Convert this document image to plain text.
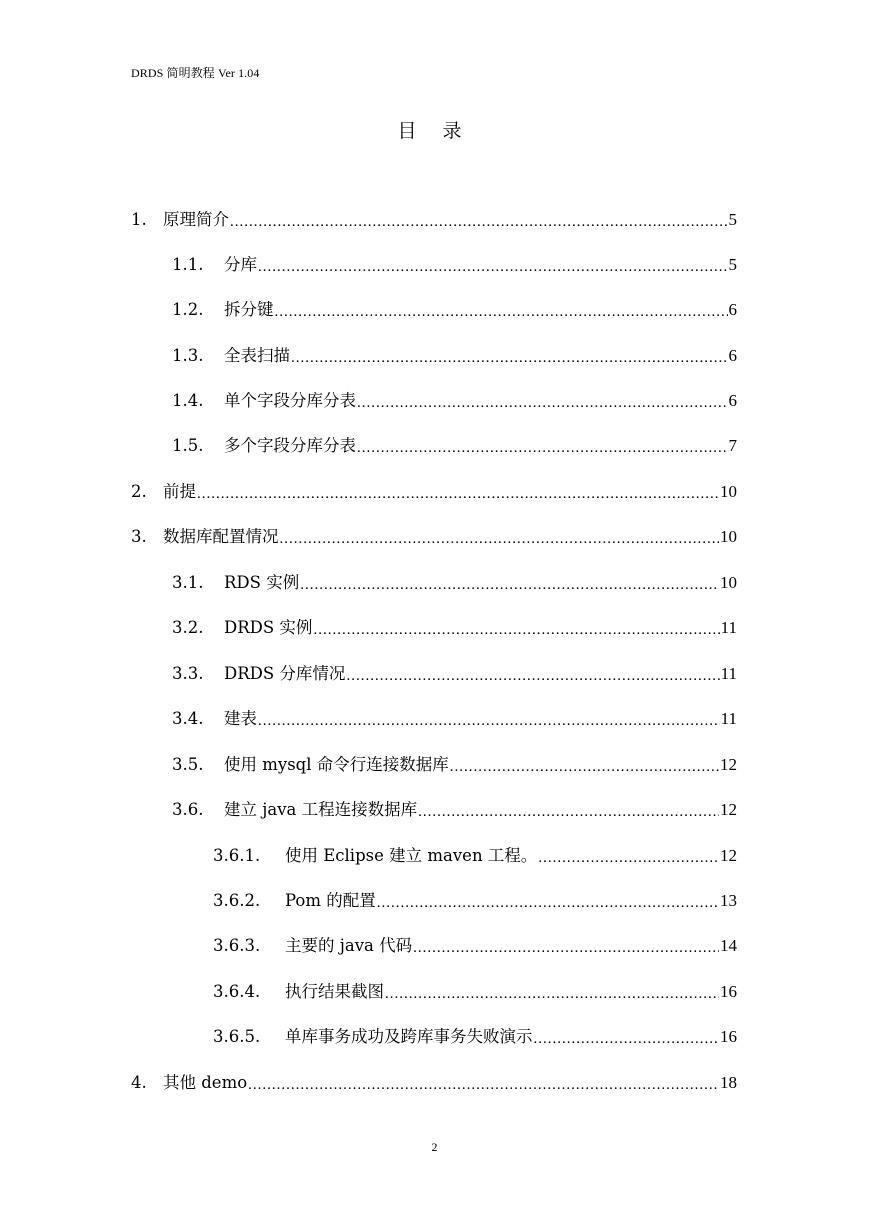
DRDS 简明教程 Ver 1.04
目 录
1. 原理简介 .....	5
1.1.	分库 .....	5
1.2.	拆分键 .....	6
1.3.	全表扫描 .....	6
1.4.	单个字段分库分表 .....	6
1.5.	多个字段分库分表 .....	7
2. 前提 .....	10
3. 数据库配置情况 .....	10
3.1.	RDS 实例 .....	10
3.2.	DRDS 实例 .....	11
3.3.	DRDS 分库情况 .....	11
3.4.	建表 .....	11
3.5.	使用 mysql 命令行连接数据库 .....	12
3.6.	建立 java 工程连接数据库 .....	12
3.6.1.	使用 Eclipse 建立 maven 工程。 .....	12
3.6.2.	Pom 的配置 .....	13
3.6.3.	主要的 java 代码 .....	14
3.6.4.	执行结果截图 .....	16
3.6.5.	单库事务成功及跨库事务失败演示 .....	16
4. 其他 demo .....	18
2
